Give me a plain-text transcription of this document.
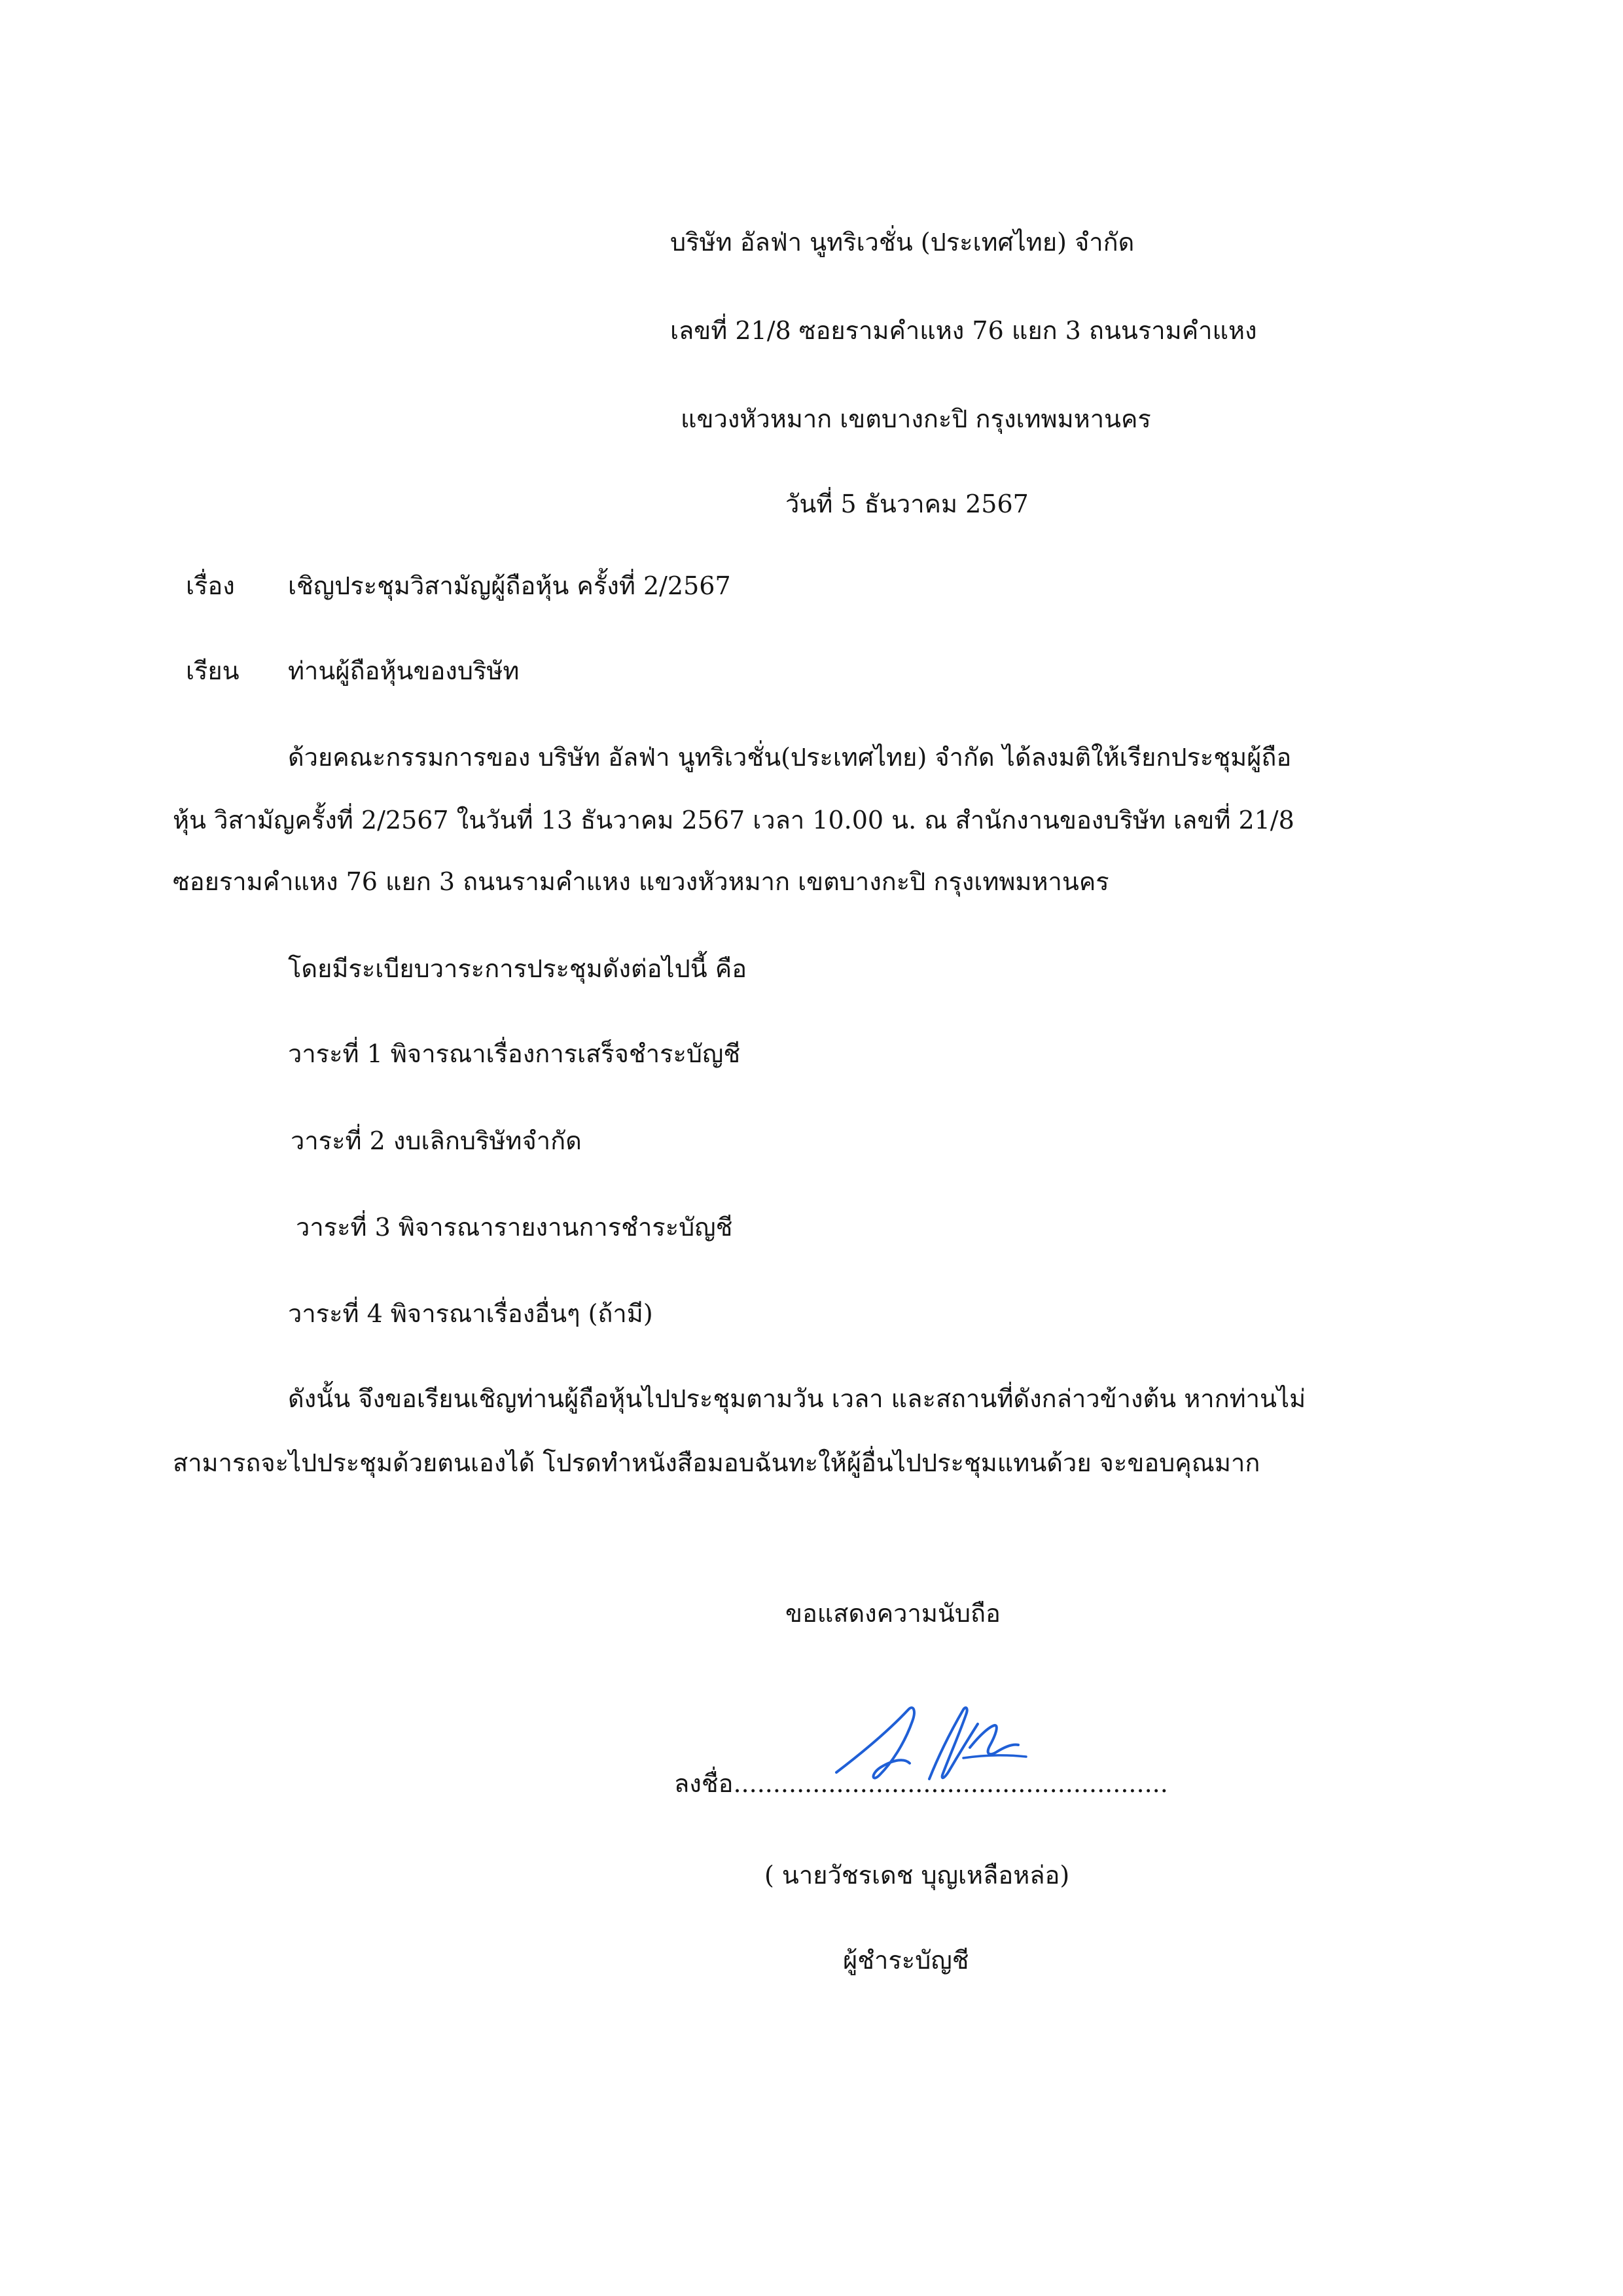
บริษัท อัลฟ่า นูทริเวชั่น (ประเทศไทย) จำกัด
เลขที่ 21/8 ซอยรามคำแหง 76 แยก 3 ถนนรามคำแหง
แขวงหัวหมาก เขตบางกะปิ กรุงเทพมหานคร
วันที่ 5 ธันวาคม 2567
เรื่อง เชิญประชุมวิสามัญผู้ถือหุ้น ครั้งที่ 2/2567
เรียน ท่านผู้ถือหุ้นของบริษัท
ด้วยคณะกรรมการของ บริษัท อัลฟ่า นูทริเวชั่น(ประเทศไทย) จำกัด ได้ลงมติให้เรียกประชุมผู้ถือ
หุ้น วิสามัญครั้งที่ 2/2567 ในวันที่ 13 ธันวาคม 2567 เวลา 10.00 น. ณ สำนักงานของบริษัท เลขที่ 21/8
ซอยรามคำแหง 76 แยก 3 ถนนรามคำแหง แขวงหัวหมาก เขตบางกะปิ กรุงเทพมหานคร
โดยมีระเบียบวาระการประชุมดังต่อไปนี้ คือ
วาระที่ 1 พิจารณาเรื่องการเสร็จชำระบัญชี
วาระที่ 2 งบเลิกบริษัทจำกัด
วาระที่ 3 พิจารณารายงานการชำระบัญชี
วาระที่ 4 พิจารณาเรื่องอื่นๆ (ถ้ามี)
ดังนั้น จึงขอเรียนเชิญท่านผู้ถือหุ้นไปประชุมตามวัน เวลา และสถานที่ดังกล่าวข้างต้น หากท่านไม่
สามารถจะไปประชุมด้วยตนเองได้ โปรดทำหนังสือมอบฉันทะให้ผู้อื่นไปประชุมแทนด้วย จะขอบคุณมาก
ขอแสดงความนับถือ
ลงชื่อ.......................................................
( นายวัชรเดช บุญเหลือหล่อ)
ผู้ชำระบัญชี
